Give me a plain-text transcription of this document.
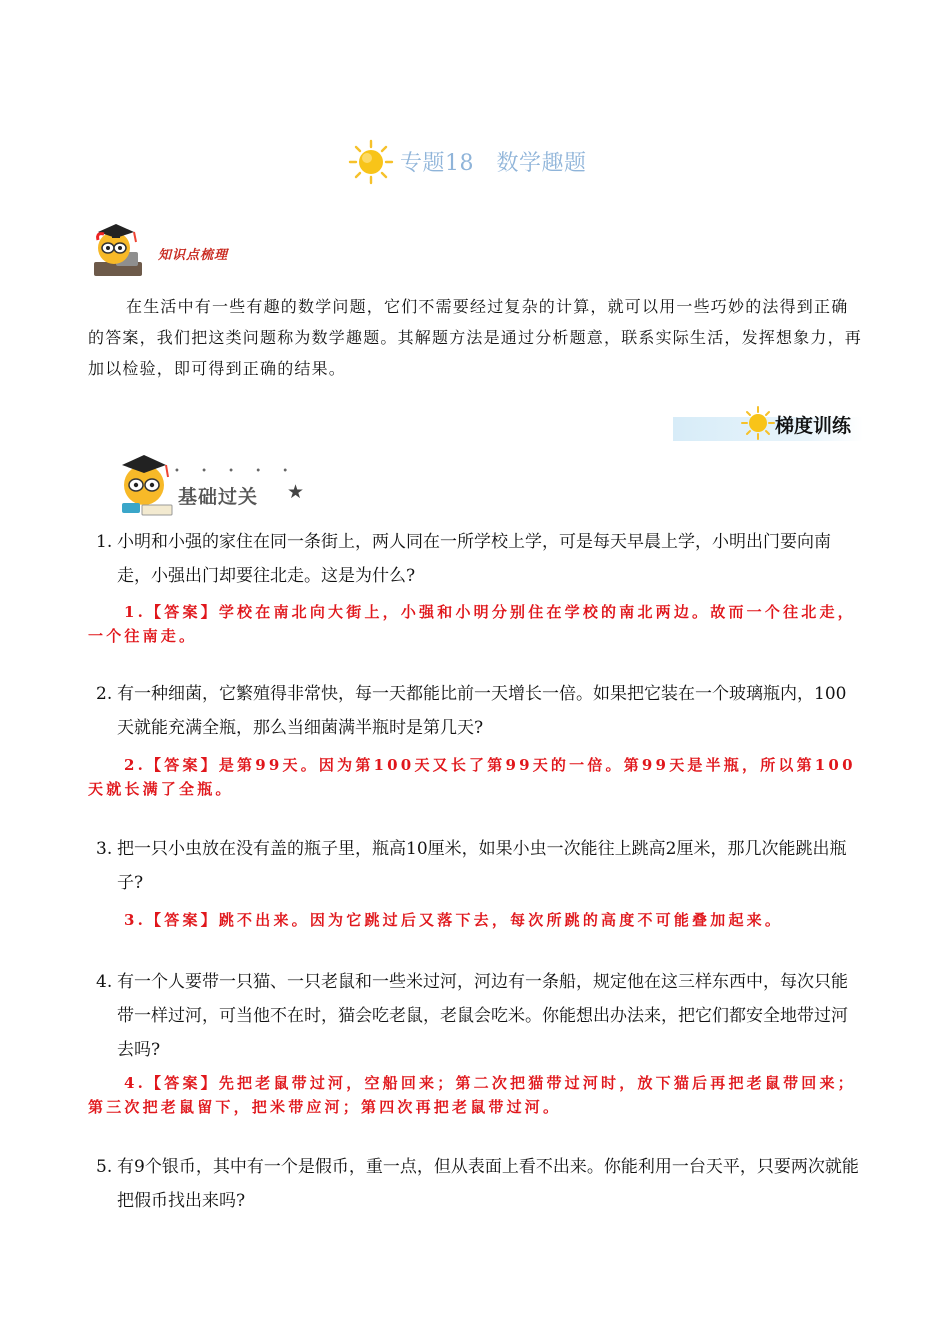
专题18　数学趣题
知识点梳理
在生活中有一些有趣的数学问题，它们不需要经过复杂的计算，就可以用一些巧妙的法得到正确的答案，我们把这类问题称为数学趣题。其解题方法是通过分析题意，联系实际生活，发挥想象力，再加以检验，即可得到正确的结果。
梯度训练
• • • • •
基础过关 ★
1. 小明和小强的家住在同一条街上，两人同在一所学校上学，可是每天早晨上学，小明出门要向南走，小强出门却要往北走。这是为什么?
1.【答案】学校在南北向大街上，小强和小明分别住在学校的南北两边。故而一个往北走，一个往南走。
2. 有一种细菌，它繁殖得非常快，每一天都能比前一天增长一倍。如果把它装在一个玻璃瓶内，100天就能充满全瓶，那么当细菌满半瓶时是第几天?
2.【答案】是第99天。因为第100天又长了第99天的一倍。第99天是半瓶，所以第100天就长满了全瓶。
3. 把一只小虫放在没有盖的瓶子里，瓶高10厘米，如果小虫一次能往上跳高2厘米，那几次能跳出瓶子?
3.【答案】跳不出来。因为它跳过后又落下去，每次所跳的高度不可能叠加起来。
4. 有一个人要带一只猫、一只老鼠和一些米过河，河边有一条船，规定他在这三样东西中，每次只能带一样过河，可当他不在时，猫会吃老鼠，老鼠会吃米。你能想出办法来，把它们都安全地带过河去吗?
4.【答案】先把老鼠带过河，空船回来；第二次把猫带过河时，放下猫后再把老鼠带回来；第三次把老鼠留下，把米带应河；第四次再把老鼠带过河。
5. 有9个银币，其中有一个是假币，重一点，但从表面上看不出来。你能利用一台天平，只要两次就能把假币找出来吗?
